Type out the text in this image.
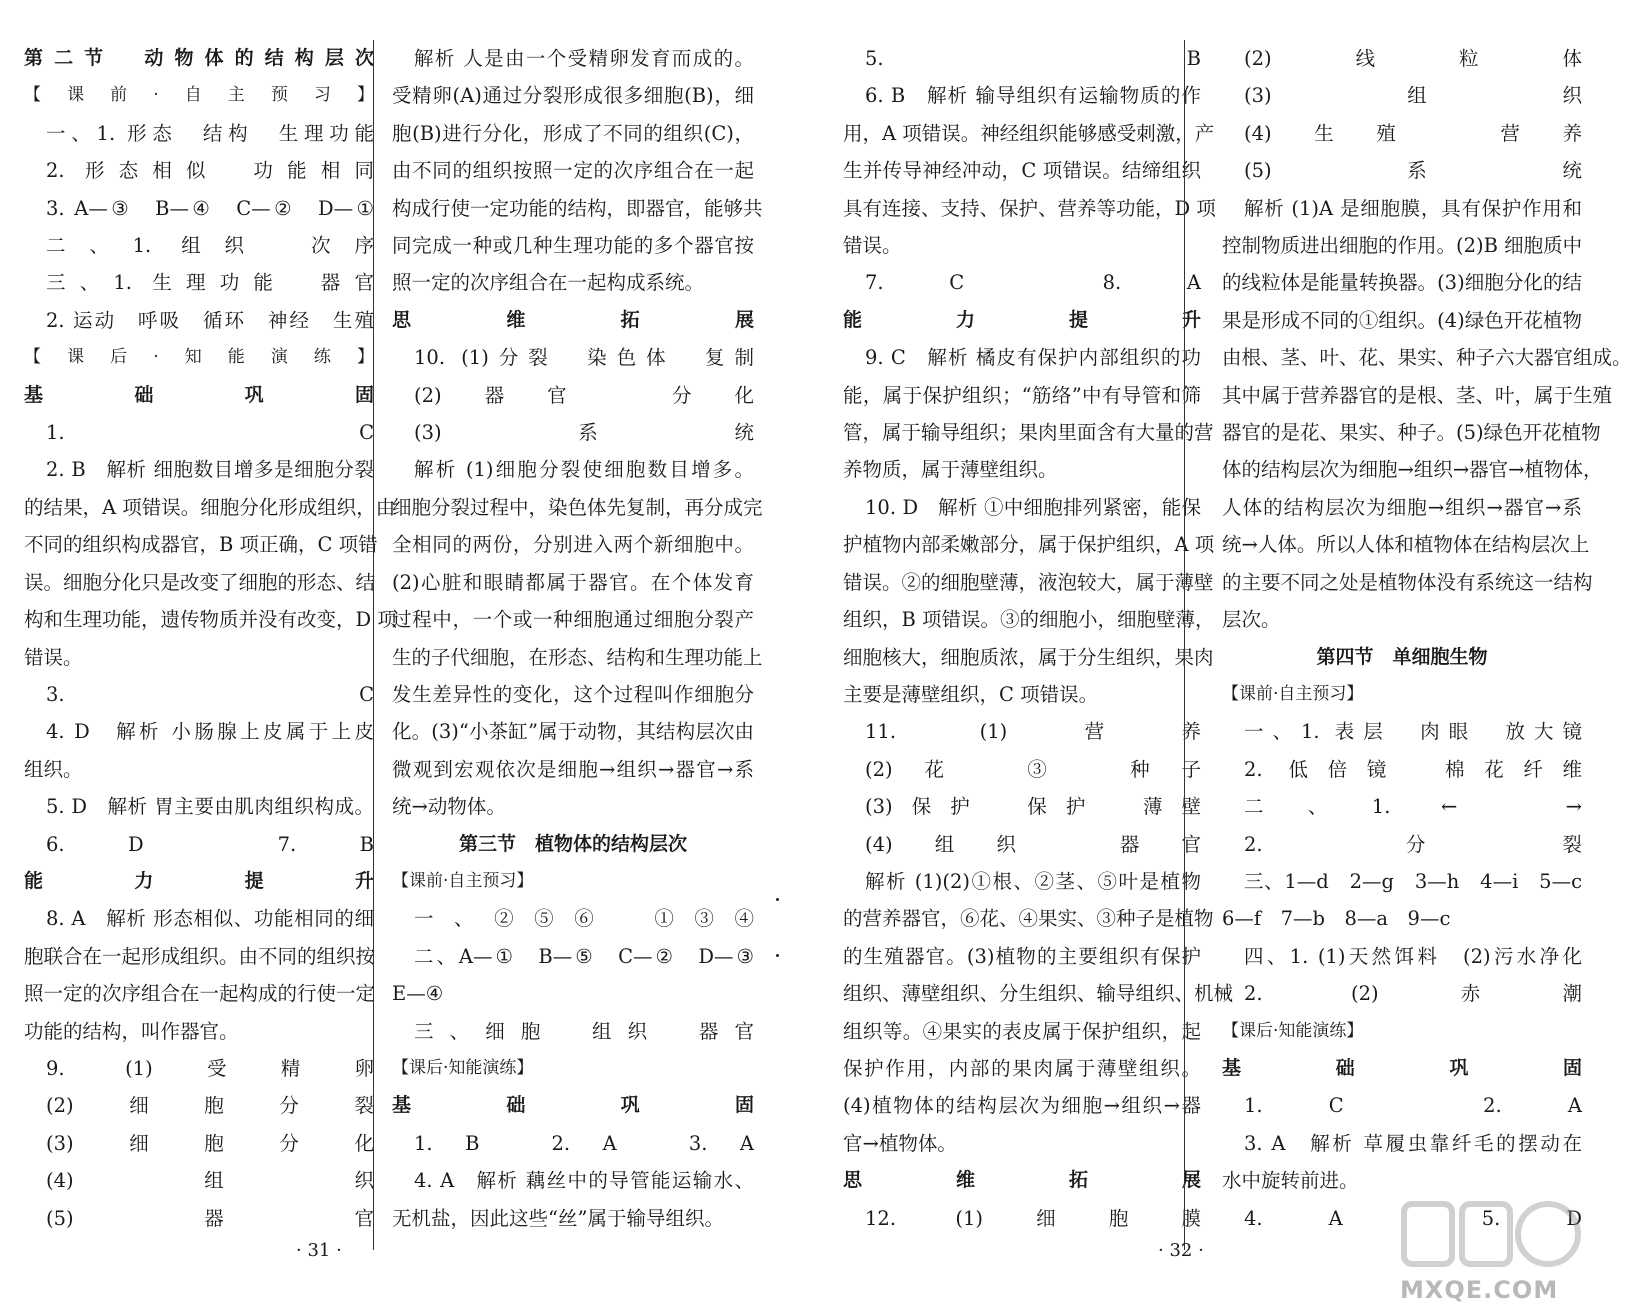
第二节　动物体的结构层次
【课前·自主预习】
一、1. 形态　结构　生理功能
2. 形态相似　功能相同
3. A—③　B—④　C—②　D—①
二、1. 组织　次序
三、1. 生理功能　器官
2. 运动　呼吸　循环　神经　生殖
【课后·知能演练】
基础巩固
1. C
2. B　解析 细胞数目增多是细胞分裂
的结果，A 项错误。细胞分化形成组织，由
不同的组织构成器官，B 项正确，C 项错
误。细胞分化只是改变了细胞的形态、结
构和生理功能，遗传物质并没有改变，D 项
错误。
3. C
4. D　解析 小肠腺上皮属于上皮
组织。
5. D　解析 胃主要由肌肉组织构成。
6. D　7. B
能力提升
8. A　解析 形态相似、功能相同的细
胞联合在一起形成组织。由不同的组织按
照一定的次序组合在一起构成的行使一定
功能的结构，叫作器官。
9. (1)受精卵
(2)细胞分裂
(3)细胞分化
(4)组织
(5)器官
解析 人是由一个受精卵发育而成的。
受精卵(A)通过分裂形成很多细胞(B)，细
胞(B)进行分化，形成了不同的组织(C)，
由不同的组织按照一定的次序组合在一起
构成行使一定功能的结构，即器官，能够共
同完成一种或几种生理功能的多个器官按
照一定的次序组合在一起构成系统。
思维拓展
10. (1)分裂　染色体　复制
(2)器官　分化
(3)系统
解析 (1)细胞分裂使细胞数目增多。
细胞分裂过程中，染色体先复制，再分成完
全相同的两份，分别进入两个新细胞中。
(2)心脏和眼睛都属于器官。在个体发育
过程中，一个或一种细胞通过细胞分裂产
生的子代细胞，在形态、结构和生理功能上
发生差异性的变化，这个过程叫作细胞分
化。(3)“小茶缸”属于动物，其结构层次由
微观到宏观依次是细胞→组织→器官→系
统→动物体。
第三节　植物体的结构层次
【课前·自主预习】
一、②⑤⑥　①③④
二、A—①　B—⑤　C—②　D—③
E—④
三、细胞　组织　器官
【课后·知能演练】
基础巩固
1. B　2. A　3. A
4. A　解析 藕丝中的导管能运输水、
无机盐，因此这些“丝”属于输导组织。
5. B
6. B　解析 输导组织有运输物质的作
用，A 项错误。神经组织能够感受刺激，产
生并传导神经冲动，C 项错误。结缔组织
具有连接、支持、保护、营养等功能，D 项
错误。
7. C　8. A
能力提升
9. C　解析 橘皮有保护内部组织的功
能，属于保护组织；“筋络”中有导管和筛
管，属于输导组织；果肉里面含有大量的营
养物质，属于薄壁组织。
10. D　解析 ①中细胞排列紧密，能保
护植物内部柔嫩部分，属于保护组织，A 项
错误。②的细胞壁薄，液泡较大，属于薄壁
组织，B 项错误。③的细胞小，细胞壁薄，
细胞核大，细胞质浓，属于分生组织，果肉
主要是薄壁组织，C 项错误。
11. (1)营养
(2)花　③　种子
(3)保护　保护　薄壁
(4)组织　器官
解析 (1)(2)①根、②茎、⑤叶是植物
的营养器官，⑥花、④果实、③种子是植物
的生殖器官。(3)植物的主要组织有保护
组织、薄壁组织、分生组织、输导组织、机械
组织等。④果实的表皮属于保护组织，起
保护作用，内部的果肉属于薄壁组织。
(4)植物体的结构层次为细胞→组织→器
官→植物体。
思维拓展
12. (1)细胞膜
(2)线粒体
(3)组织
(4)生殖　营养
(5)系统
解析 (1)A 是细胞膜，具有保护作用和
控制物质进出细胞的作用。(2)B 细胞质中
的线粒体是能量转换器。(3)细胞分化的结
果是形成不同的①组织。(4)绿色开花植物
由根、茎、叶、花、果实、种子六大器官组成。
其中属于营养器官的是根、茎、叶，属于生殖
器官的是花、果实、种子。(5)绿色开花植物
体的结构层次为细胞→组织→器官→植物体，
人体的结构层次为细胞→组织→器官→系
统→人体。所以人体和植物体在结构层次上
的主要不同之处是植物体没有系统这一结构
层次。
第四节　单细胞生物
【课前·自主预习】
一、1. 表层　肉眼　放大镜
2. 低倍镜　棉花纤维
二、1. ←　→
2. 分裂
三、1—d　2—g　3—h　4—i　5—c
6—f　7—b　8—a　9—c
四、1. (1)天然饵料　(2)污水净化
2. (2)赤潮
【课后·知能演练】
基础巩固
1. C　2. A
3. A　解析 草履虫靠纤毛的摆动在
水中旋转前进。
4. A　5. D
· 31 ·	· 32 ·
MXQE.COM
